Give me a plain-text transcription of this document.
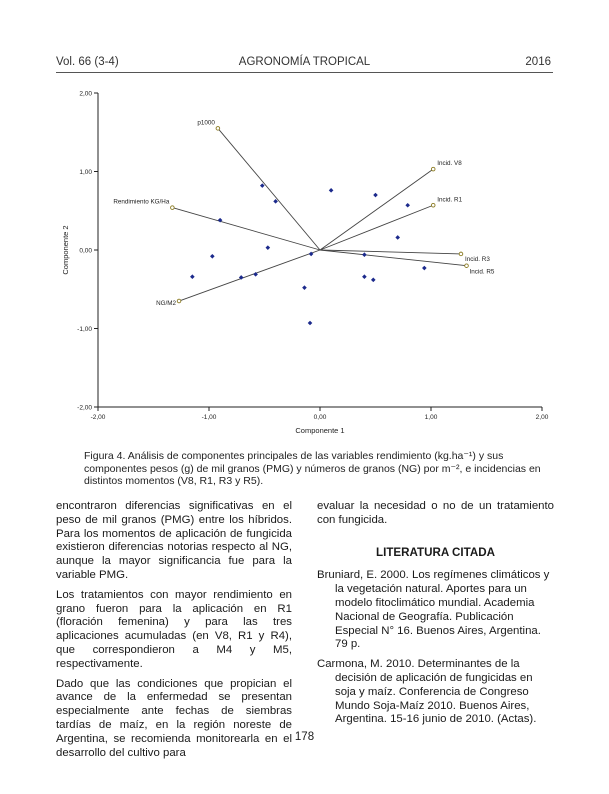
Vol. 66 (3-4)	AGRONOMÍA TROPICAL	2016
2,00
1,00
0,00
-1,00
-2,00
-2,00	-1,00	0,00	1,00	2,00
Componente 1
Componente 2
p1000
Incid. V8
Incid. R1
Rendimiento KG/Ha
Incid. R3
Incid. R5
NG/M2
Figura 4. Análisis de componentes principales de las variables rendimiento (kg.ha⁻¹) y sus componentes pesos (g) de mil granos (PMG) y números de granos (NG) por m⁻², e incidencias en distintos momentos (V8, R1, R3 y R5).

encontraron diferencias significativas en el peso de mil granos (PMG) entre los híbridos. Para los momentos de aplicación de fungicida existieron diferencias notorias respecto al NG, aunque la mayor significancia fue para la variable PMG.

Los tratamientos con mayor rendimiento en grano fueron para la aplicación en R1 (floración femenina) y para las tres aplicaciones acumuladas (en V8, R1 y R4), que correspondieron a M4 y M5, respectivamente.

Dado que las condiciones que propician el avance de la enfermedad se presentan especialmente ante fechas de siembras tardías de maíz, en la región noreste de Argentina, se recomienda monitorearla en el desarrollo del cultivo para

evaluar la necesidad o no de un tratamiento con fungicida.

LITERATURA CITADA

Bruniard, E. 2000. Los regímenes climáticos y la vegetación natural. Aportes para un modelo fitoclimático mundial. Academia Nacional de Geografía. Publicación Especial N° 16. Buenos Aires, Argentina. 79 p.

Carmona, M. 2010. Determinantes de la decisión de aplicación de fungicidas en soja y maíz. Conferencia de Congreso Mundo Soja-Maíz 2010. Buenos Aires, Argentina. 15-16 junio de 2010. (Actas).

178
